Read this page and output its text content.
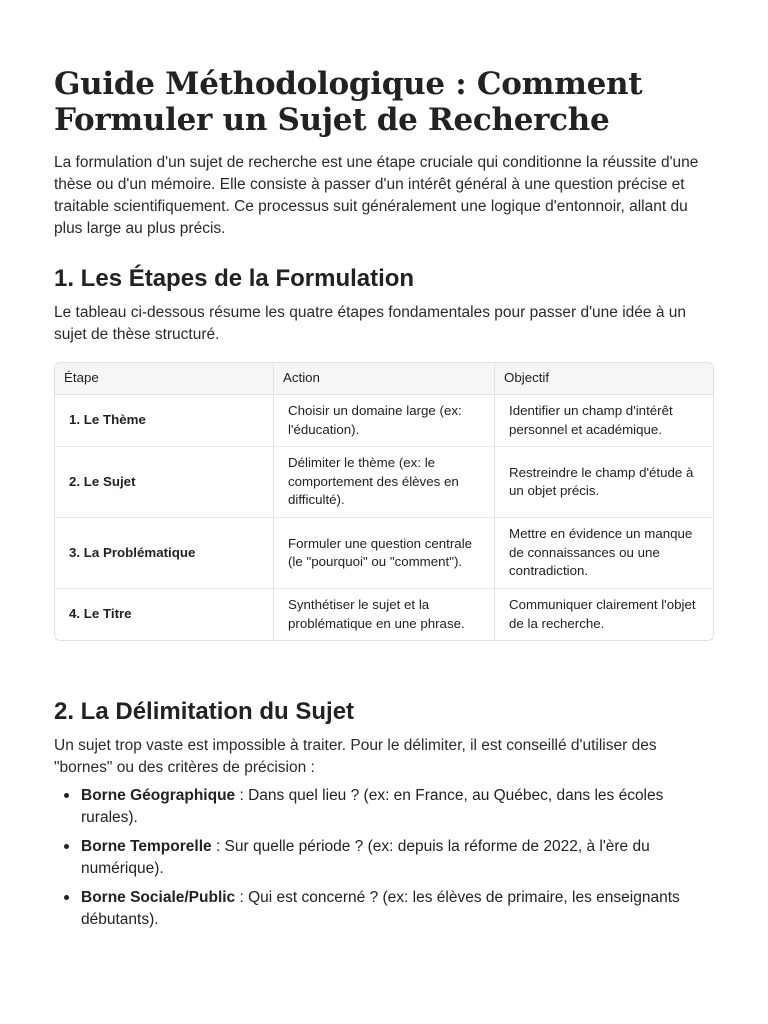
Guide Méthodologique : Comment Formuler un Sujet de Recherche

La formulation d'un sujet de recherche est une étape cruciale qui conditionne la réussite d'une thèse ou d'un mémoire. Elle consiste à passer d'un intérêt général à une question précise et traitable scientifiquement. Ce processus suit généralement une logique d'entonnoir, allant du plus large au plus précis.

1. Les Étapes de la Formulation

Le tableau ci-dessous résume les quatre étapes fondamentales pour passer d'une idée à un sujet de thèse structuré.

Étape	Action	Objectif
1. Le Thème	Choisir un domaine large (ex: l'éducation).	Identifier un champ d'intérêt personnel et académique.
2. Le Sujet	Délimiter le thème (ex: le comportement des élèves en difficulté).	Restreindre le champ d'étude à un objet précis.
3. La Problématique	Formuler une question centrale (le "pourquoi" ou "comment").	Mettre en évidence un manque de connaissances ou une contradiction.
4. Le Titre	Synthétiser le sujet et la problématique en une phrase.	Communiquer clairement l'objet de la recherche.
2. La Délimitation du Sujet

Un sujet trop vaste est impossible à traiter. Pour le délimiter, il est conseillé d'utiliser des "bornes" ou des critères de précision :

Borne Géographique : Dans quel lieu ? (ex: en France, au Québec, dans les écoles rurales).
Borne Temporelle : Sur quelle période ? (ex: depuis la réforme de 2022, à l'ère du numérique).
Borne Sociale/Public : Qui est concerné ? (ex: les élèves de primaire, les enseignants débutants).
